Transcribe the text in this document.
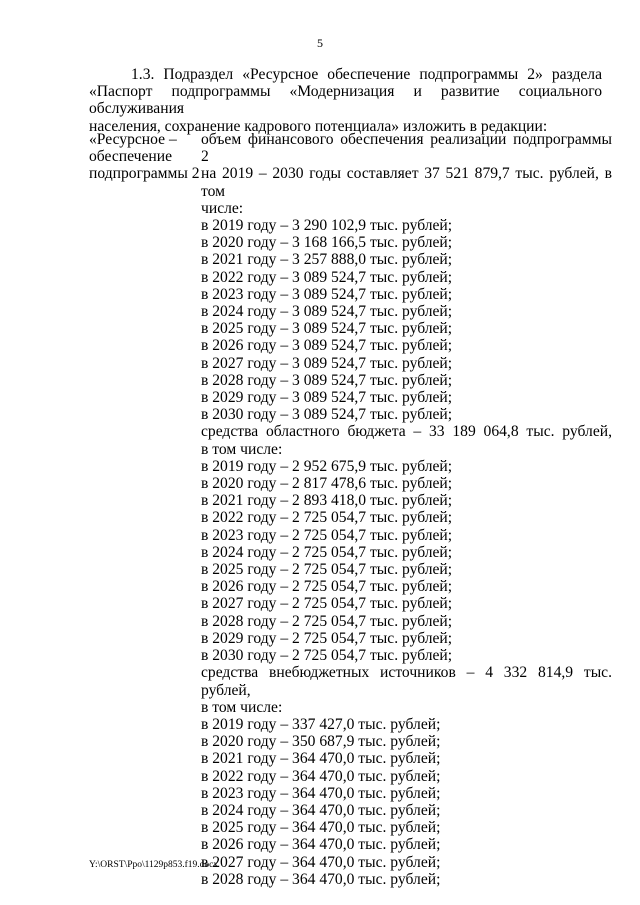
5
1.3. Подраздел «Ресурсное обеспечение подпрограммы 2» раздела
«Паспорт подпрограммы «Модернизация и развитие социального обслуживания
населения, сохранение кадрового потенциала» изложить в редакции:
«Ресурсное –
обеспечение
подпрограммы 2
объем финансового обеспечения реализации подпрограммы 2
на 2019 – 2030 годы составляет 37 521 879,7 тыс. рублей, в том
числе:
в 2019 году – 3 290 102,9 тыс. рублей;
в 2020 году – 3 168 166,5 тыс. рублей;
в 2021 году – 3 257 888,0 тыс. рублей;
в 2022 году – 3 089 524,7 тыс. рублей;
в 2023 году – 3 089 524,7 тыс. рублей;
в 2024 году – 3 089 524,7 тыс. рублей;
в 2025 году – 3 089 524,7 тыс. рублей;
в 2026 году – 3 089 524,7 тыс. рублей;
в 2027 году – 3 089 524,7 тыс. рублей;
в 2028 году – 3 089 524,7 тыс. рублей;
в 2029 году – 3 089 524,7 тыс. рублей;
в 2030 году – 3 089 524,7 тыс. рублей;
средства областного бюджета – 33 189 064,8 тыс. рублей,
в том числе:
в 2019 году – 2 952 675,9 тыс. рублей;
в 2020 году – 2 817 478,6 тыс. рублей;
в 2021 году – 2 893 418,0 тыс. рублей;
в 2022 году – 2 725 054,7 тыс. рублей;
в 2023 году – 2 725 054,7 тыс. рублей;
в 2024 году – 2 725 054,7 тыс. рублей;
в 2025 году – 2 725 054,7 тыс. рублей;
в 2026 году – 2 725 054,7 тыс. рублей;
в 2027 году – 2 725 054,7 тыс. рублей;
в 2028 году – 2 725 054,7 тыс. рублей;
в 2029 году – 2 725 054,7 тыс. рублей;
в 2030 году – 2 725 054,7 тыс. рублей;
средства внебюджетных источников – 4 332 814,9 тыс. рублей,
в том числе:
в 2019 году – 337 427,0 тыс. рублей;
в 2020 году – 350 687,9 тыс. рублей;
в 2021 году – 364 470,0 тыс. рублей;
в 2022 году – 364 470,0 тыс. рублей;
в 2023 году – 364 470,0 тыс. рублей;
в 2024 году – 364 470,0 тыс. рублей;
в 2025 году – 364 470,0 тыс. рублей;
в 2026 году – 364 470,0 тыс. рублей;
в 2027 году – 364 470,0 тыс. рублей;
в 2028 году – 364 470,0 тыс. рублей;
Y:\ORST\Ppo\1129p853.f19.docx
